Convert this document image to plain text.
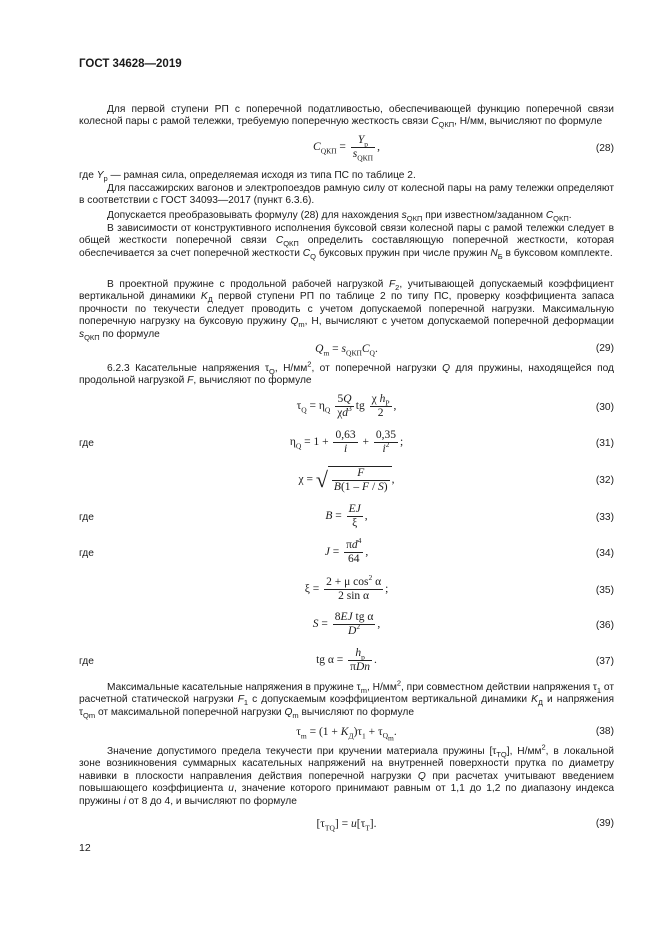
ГОСТ 34628—2019
Для первой ступени РП с поперечной податливостью, обеспечивающей функцию поперечной связи колесной пары с рамой тележки, требуемую поперечную жесткость связи $C_{QКП}$, Н/мм, вычисляют по формуле
$C_{QКП} = \frac{Y_р}{s_{QКП}}$ ,	(28)
где $Y_р$ — рамная сила, определяемая исходя из типа ПС по таблице 2.
Для пассажирских вагонов и электропоездов рамную силу от колесной пары на раму тележки определяют в соответствии с ГОСТ 34093—2017 (пункт 6.3.6).
Допускается преобразовывать формулу (28) для нахождения $s_{QКП}$ при известном/заданном $C_{QКП}$.
В зависимости от конструктивного исполнения буксовой связи колесной пары с рамой тележки следует в общей жесткости поперечной связи $C_{QКП}$ определить составляющую поперечной жесткости, которая обеспечивается за счет поперечной жесткости $C_Q$ буксовых пружин при числе пружин $N_Б$ в буксовом комплекте.
В проектной пружине с продольной рабочей нагрузкой $F_2$, учитывающей допускаемый коэффициент вертикальной динамики $K_Д$ первой ступени РП по таблице 2 по типу ПС, проверку коэффициента запаса прочности по текучести следует проводить с учетом допускаемой поперечной нагрузки. Максимальную поперечную нагрузку на буксовую пружину $Q_m$, Н, вычисляют с учетом допускаемой поперечной деформации $s_{QКП}$ по формуле
$Q_m = s_{QКП}C_Q$.	(29)
6.2.3 Касательные напряжения $\tau_Q$, $Н/мм^2$, от поперечной нагрузки Q для пружины, находящейся под продольной нагрузкой F, вычисляют по формуле
$\tau_Q = \eta_Q \frac{5Q}{\chi d^3}$ tg $\frac{\chi h_P}{2}$ ,	(30)
где	$\eta_Q = 1 + \frac{0,63}{i} + \frac{0,35}{i^2}$ ;	(31)
χ = √ $\frac{F}{B(1 - F / S)}$ ,	(32)
где	$B = \frac{EJ}{\xi}$ ,	(33)
где	$J = \frac{\pi d^4}{64}$ ,	(34)
$\xi = \frac{2 + \mu \cos^2 \alpha}{\text{2 sin α}}$ ;	(35)
$S = \frac{\text{8EJ tg α}}{D^2}$ ,	(36)
где	tg $\alpha = \frac{h_р}{\text{πDn}}$ .	(37)
Максимальные касательные напряжения в пружине $\tau_m$, $Н/мм^2$, при совместном действии напряжения $\tau_1$ от расчетной статической нагрузки $F_1$ с допускаемым коэффициентом вертикальной динамики $K_Д$ и напряжения $\tau_{Qm}$ от максимальной поперечной нагрузки $Q_m$ вычисляют по формуле
$\tau_m = (1 + K_Д)\tau_1 + \tau_{Q_m}$.	(38)
Значение допустимого предела текучести при кручении материала пружины $[\tau_{ТQ}]$, $Н/мм^2$, в локальной зоне возникновения суммарных касательных напряжений на внутренней поверхности прутка по диаметру навивки в плоскости направления действия поперечной нагрузки Q при расчетах учитывают введением повышающего коэффициента u, значение которого принимают равным от 1,1 до 1,2 по диапазону индекса пружины i от 8 до 4, и вычисляют по формуле
$[\tau_{ТQ}] = u[\tau_Т]$.	(39)
12
